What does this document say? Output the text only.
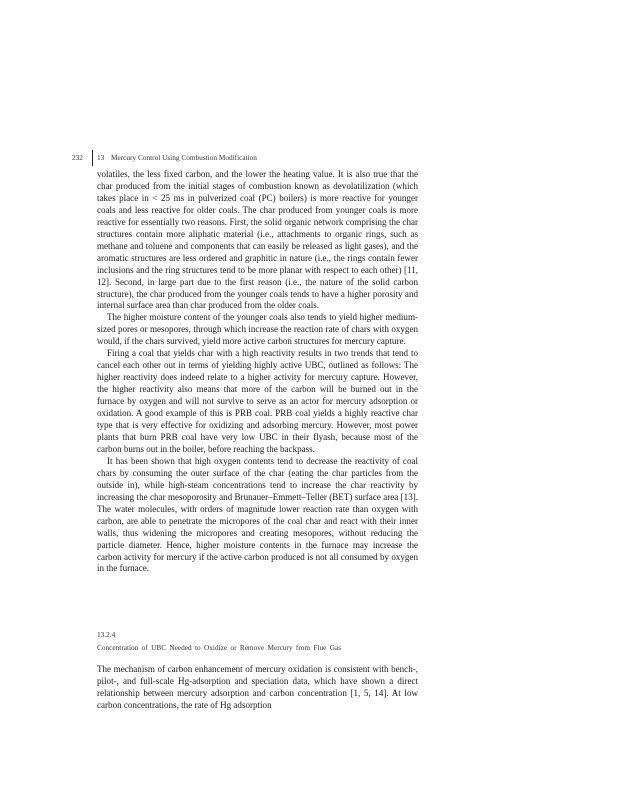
232 13 Mercury Control Using Combustion Modification

volatiles, the less fixed carbon, and the lower the heating value. It is also true that the char produced from the initial stages of combustion known as devolatilization (which takes place in < 25 ms in pulverized coal (PC) boilers) is more reactive for younger coals and less reactive for older coals. The char produced from younger coals is more reactive for essentially two reasons. First, the solid organic network comprising the char structures contain more aliphatic material (i.e., attachments to organic rings, such as methane and toluene and components that can easily be released as light gases), and the aromatic structures are less ordered and graphitic in nature (i.e., the rings contain fewer inclusions and the ring structures tend to be more planar with respect to each other) [11, 12]. Second, in large part due to the first reason (i.e., the nature of the solid carbon structure), the char produced from the younger coals tends to have a higher porosity and internal surface area than char produced from the older coals.

The higher moisture content of the younger coals also tends to yield higher medium-sized pores or mesopores, through which increase the reaction rate of chars with oxygen would, if the chars survived, yield more active carbon structures for mercury capture.

Firing a coal that yields char with a high reactivity results in two trends that tend to cancel each other out in terms of yielding highly active UBC, outlined as follows: The higher reactivity does indeed relate to a higher activity for mercury capture. However, the higher reactivity also means that more of the carbon will be burned out in the furnace by oxygen and will not survive to serve as an actor for mercury adsorption or oxidation. A good example of this is PRB coal. PRB coal yields a highly reactive char type that is very effective for oxidizing and adsorbing mercury. However, most power plants that burn PRB coal have very low UBC in their flyash, because most of the carbon burns out in the boiler, before reaching the backpass.

It has been shown that high oxygen contents tend to decrease the reactivity of coal chars by consuming the outer surface of the char (eating the char particles from the outside in), while high-steam concentrations tend to increase the char reactivity by increasing the char mesoporosity and Brunauer–Emmett–Teller (BET) surface area [13]. The water molecules, with orders of magnitude lower reaction rate than oxygen with carbon, are able to penetrate the micropores of the coal char and react with their inner walls, thus widening the micropores and creating mesopores, without reducing the particle diameter. Hence, higher moisture contents in the furnace may increase the carbon activity for mercury if the active carbon produced is not all consumed by oxygen in the furnace.

13.2.4
Concentration of UBC Needed to Oxidize or Remove Mercury from Flue Gas

The mechanism of carbon enhancement of mercury oxidation is consistent with bench-, pilot-, and full-scale Hg-adsorption and speciation data, which have shown a direct relationship between mercury adsorption and carbon concentration [1, 5, 14]. At low carbon concentrations, the rate of Hg adsorption
